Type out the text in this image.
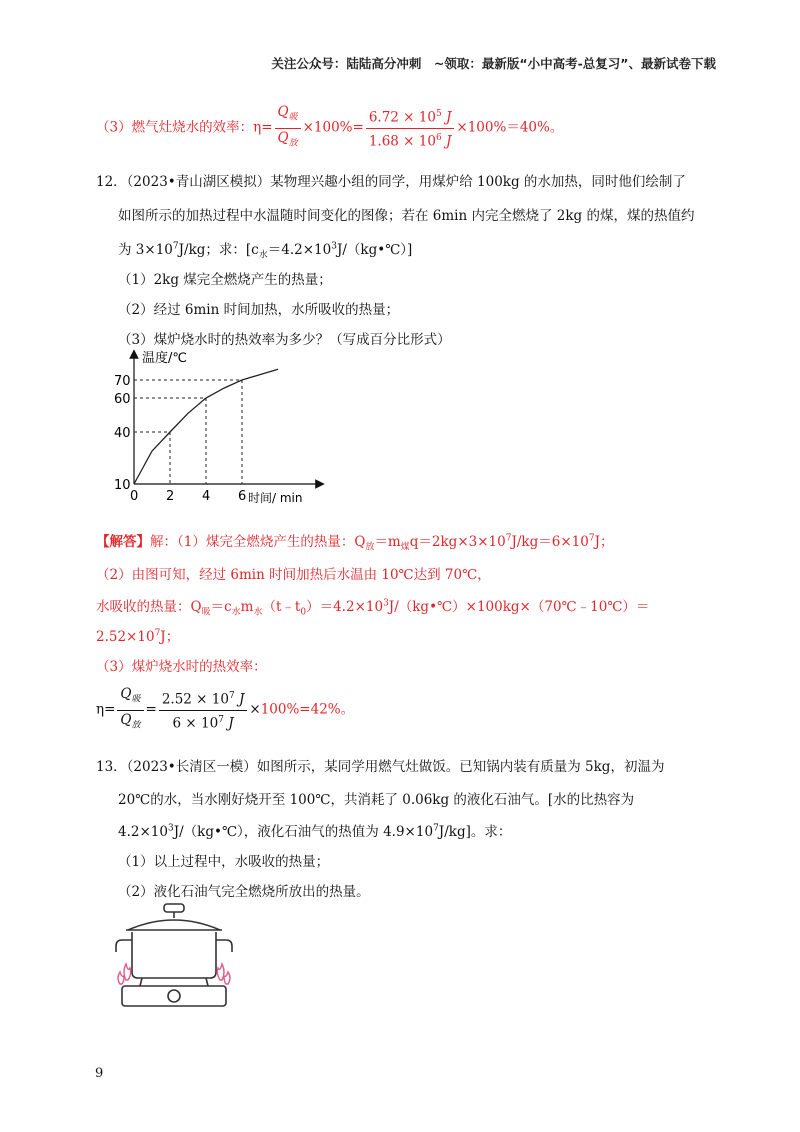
关注公众号：陆陆高分冲刺　~领取：最新版“小中高考-总复习”、最新试卷下载
（3）燃气灶烧水的效率：$\eta= \frac{Q_吸}{Q_放} \times 100\%= \frac{6.72 \times 10^5 J}{1.68 \times 10^6 J} \times 100\%=40\%$。
12．（2023•青山湖区模拟）某物理兴趣小组的同学，用煤炉给 100kg 的水加热，同时他们绘制了
如图所示的加热过程中水温随时间变化的图像；若在 6min 内完全燃烧了 2kg 的煤，煤的热值约
为 $3\times 10^7J/kg$；求：$[c_水=4.2\times 10^3J/(kg•℃)]$
（1）2kg 煤完全燃烧产生的热量；
（2）经过 6min 时间加热，水所吸收的热量；
（3）煤炉烧水时的热效率为多少？（写成百分比形式）
0 2 4 6
10
40
60
70
温度/℃
时间/ min
【解答】解：（1）煤完全燃烧产生的热量：$Q_放=m_煤q=2kg\times 3\times 10^7J/kg=6\times 10^7J$；
（2）由图可知，经过 6min 时间加热后水温由 10℃达到 70℃，
水吸收的热量：$Q_吸=c_水m_水(t﹣t_0)=4.2\times 10^3J/(kg•℃)\times 100kg\times(70℃﹣10℃)=$
$2.52\times 10^7J$；
（3）煤炉烧水时的热效率：
$\eta= \frac{Q_吸}{Q_放} = \frac{2.52 \times 10^7 J}{6 \times 10^7 J} \times 100\%=42\%$。
13．（2023•长清区一模）如图所示，某同学用燃气灶做饭。已知锅内装有质量为 5kg，初温为
20℃的水，当水刚好烧开至 100℃，共消耗了 0.06kg 的液化石油气。[水的比热容为
$4.2\times 10^3J/(kg•℃)$，液化石油气的热值为 $4.9\times 10^7J/kg$]。求：
（1）以上过程中，水吸收的热量；
（2）液化石油气完全燃烧所放出的热量。
9
